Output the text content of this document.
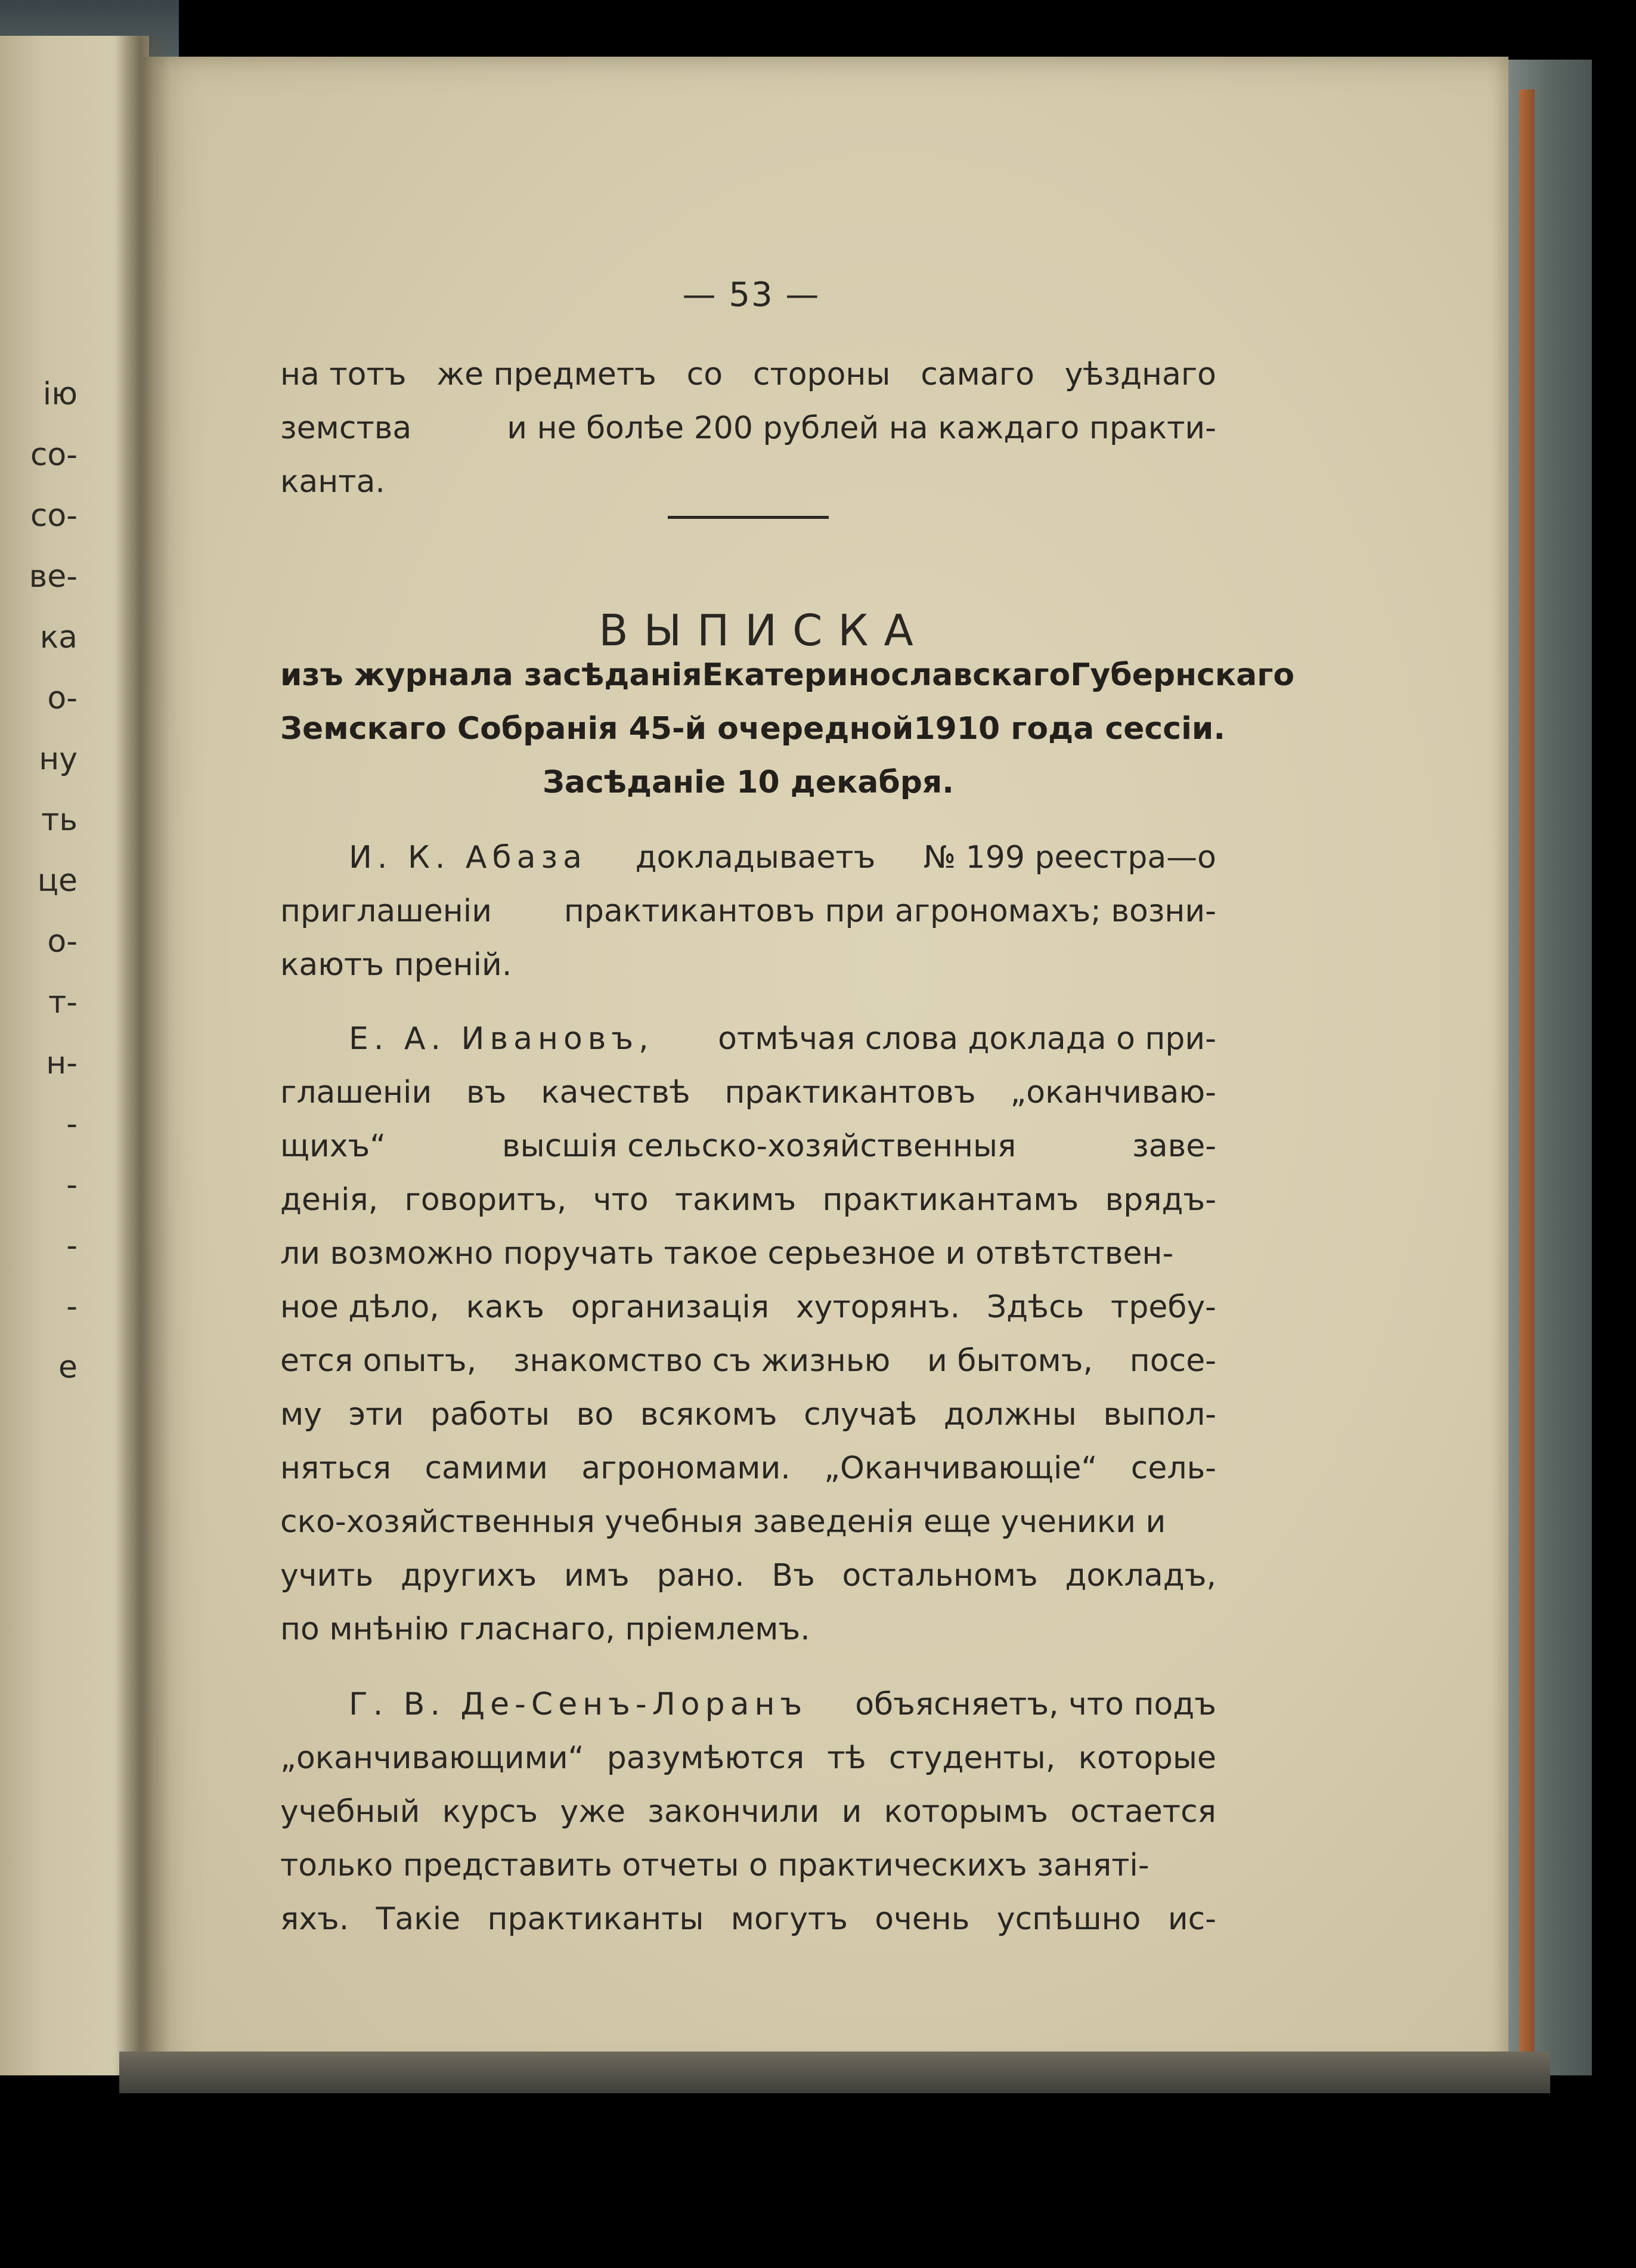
ію
со-
со-
ве-
ка
о-
ну
ть
це
о-
т-
н-
-
-
-
-
е
— 53 —
на тотъ же предметъ со стороны самаго уѣзднаго
земства	и не болѣе 200 рублей на каждаго практи-
канта.
ВЫПИСКА
изъ журнала засѣданія Екатеринославскаго Губернскаго
Земскаго Собранія 45-й очередной 1910 года сессіи.
Засѣданіе 10 декабря.
И. К. Абаза докладываетъ № 199 реестра—о
приглашеніи практикантовъ при агрономахъ; возни-
каютъ преній.
Е. А. Ивановъ, отмѣчая слова доклада о при-
глашеніи въ качествѣ практикантовъ „оканчиваю-
щихъ“	высшія сельско-хозяйственныя	заве-
денія, говоритъ, что такимъ практикантамъ врядъ-
ли возможно поручать такое серьезное и отвѣтствен-
ное дѣло, какъ организація хуторянъ. Здѣсь требу-
ется опытъ, знакомство съ жизнью и бытомъ, посе-
му эти работы во всякомъ случаѣ должны выпол-
няться самими агрономами. „Оканчивающіе“ сель-
ско-хозяйственныя учебныя заведенія еще ученики и
учить другихъ имъ рано. Въ остальномъ докладъ,
по мнѣнію гласнаго, пріемлемъ.
Г. В. Де-Сенъ-Лоранъ объясняетъ, что подъ
„оканчивающими“ разумѣются тѣ студенты, которые
учебный курсъ уже закончили и которымъ остается
только представить отчеты о практическихъ заняті-
яхъ. Такіе практиканты могутъ очень успѣшно ис-
